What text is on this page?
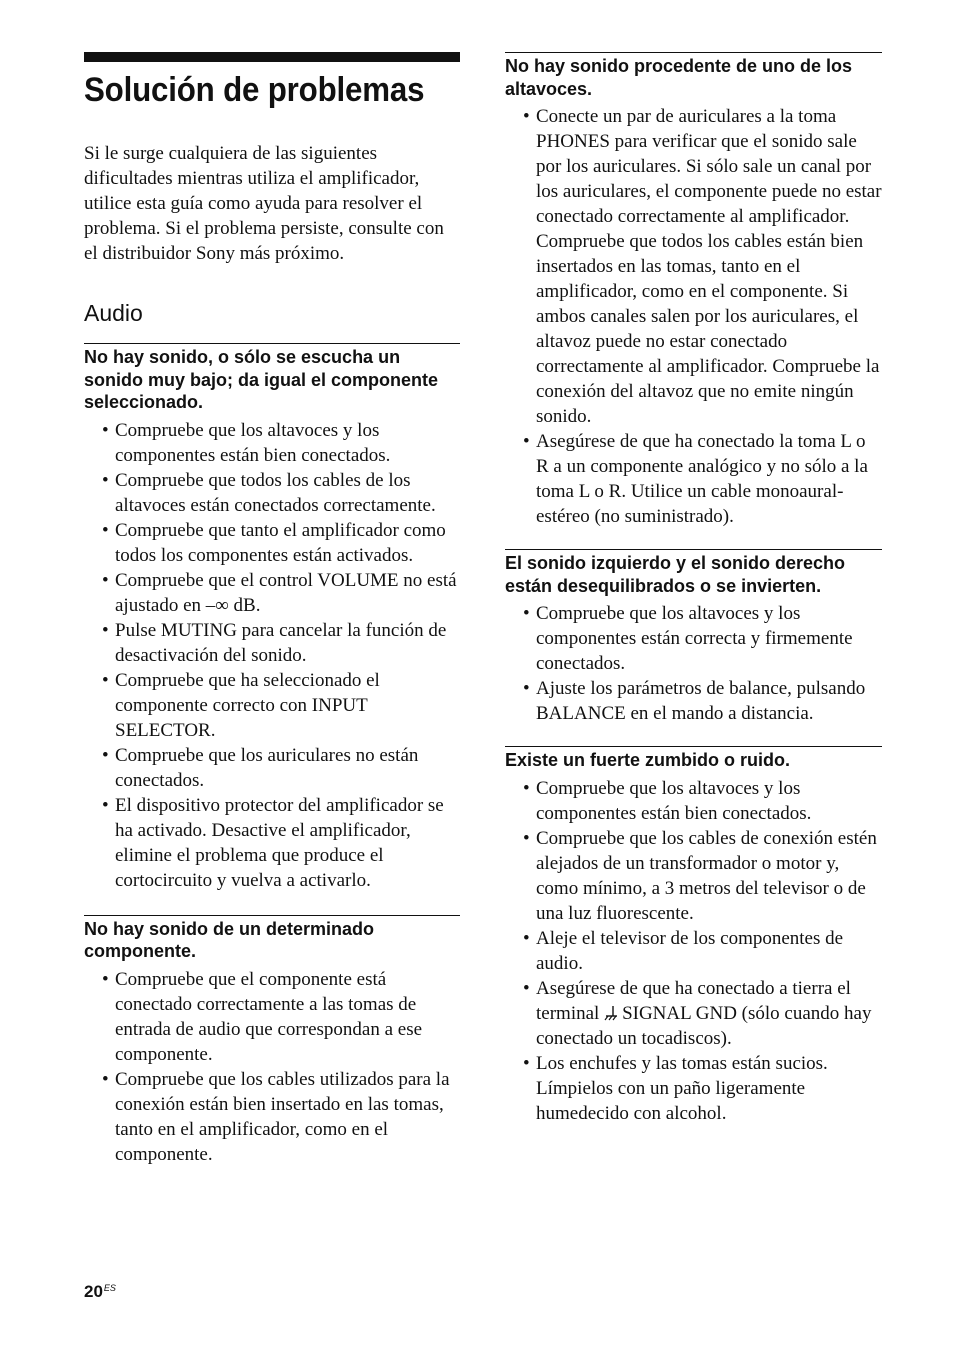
Solución de problemas

Si le surge cualquiera de las siguientes dificultades mientras utiliza el amplificador, utilice esta guía como ayuda para resolver el problema. Si el problema persiste, consulte con el distribuidor Sony más próximo.

Audio
No hay sonido, o sólo se escucha un sonido muy bajo; da igual el componente seleccionado.
• Compruebe que los altavoces y los componentes están bien conectados.
• Compruebe que todos los cables de los altavoces están conectados correctamente.
• Compruebe que tanto el amplificador como todos los componentes están activados.
• Compruebe que el control VOLUME no está ajustado en –∞ dB.
• Pulse MUTING para cancelar la función de desactivación del sonido.
• Compruebe que ha seleccionado el componente correcto con INPUT SELECTOR.
• Compruebe que los auriculares no están conectados.
• El dispositivo protector del amplificador se ha activado. Desactive el amplificador, elimine el problema que produce el cortocircuito y vuelva a activarlo.
No hay sonido de un determinado componente.
• Compruebe que el componente está conectado correctamente a las tomas de entrada de audio que correspondan a ese componente.
• Compruebe que los cables utilizados para la conexión están bien insertado en las tomas, tanto en el amplificador, como en el componente.
No hay sonido procedente de uno de los altavoces.
• Conecte un par de auriculares a la toma PHONES para verificar que el sonido sale por los auriculares. Si sólo sale un canal por los auriculares, el componente puede no estar conectado correctamente al amplificador. Compruebe que todos los cables están bien insertados en las tomas, tanto en el amplificador, como en el componente. Si ambos canales salen por los auriculares, el altavoz puede no estar conectado correctamente al amplificador. Compruebe la conexión del altavoz que no emite ningún sonido.
• Asegúrese de que ha conectado la toma L o R a un componente analógico y no sólo a la toma L o R. Utilice un cable monoaural-estéreo (no suministrado).
El sonido izquierdo y el sonido derecho están desequilibrados o se invierten.
• Compruebe que los altavoces y los componentes están correcta y firmemente conectados.
• Ajuste los parámetros de balance, pulsando BALANCE en el mando a distancia.
Existe un fuerte zumbido o ruido.
• Compruebe que los altavoces y los componentes están bien conectados.
• Compruebe que los cables de conexión estén alejados de un transformador o motor y, como mínimo, a 3 metros del televisor o de una luz fluorescente.
• Aleje el televisor de los componentes de audio.
• Asegúrese de que ha conectado a tierra el terminal SIGNAL GND (sólo cuando hay conectado un tocadiscos).
• Los enchufes y las tomas están sucios. Límpielos con un paño ligeramente humedecido con alcohol.
$20^{ES}$
